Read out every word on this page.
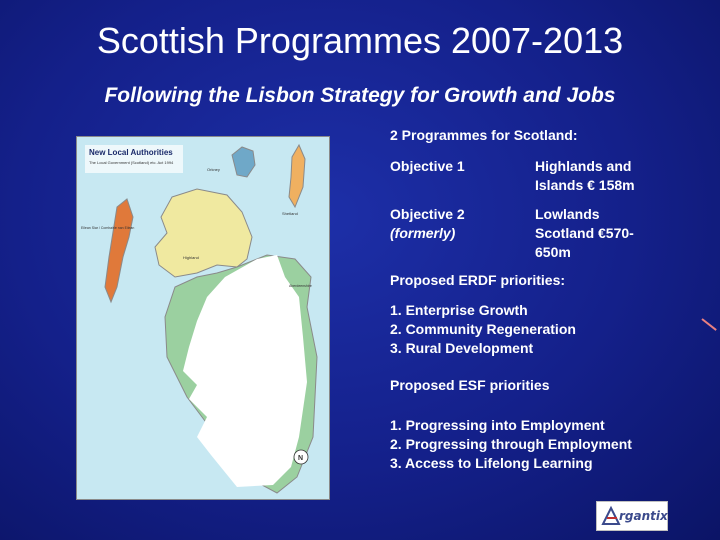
Scottish Programmes 2007-2013
Following the Lisbon Strategy for Growth and Jobs
New Local Authorities
The Local Government (Scotland) etc. Act 1994
Orkney
Shetland
Eilean Siar / Comhairle nan Eilean
Highland
Aberdeenshire
N
2 Programmes for Scotland:
Objective 1	Highlands and
Islands € 158m
Objective 2
(formerly)
Lowlands
Scotland €570-
650m
Proposed ERDF priorities:
1. Enterprise Growth
2. Community Regeneration
3. Rural Development
Proposed ESF priorities
1. Progressing into Employment
2. Progressing through Employment
3. Access to Lifelong Learning
rgantix
